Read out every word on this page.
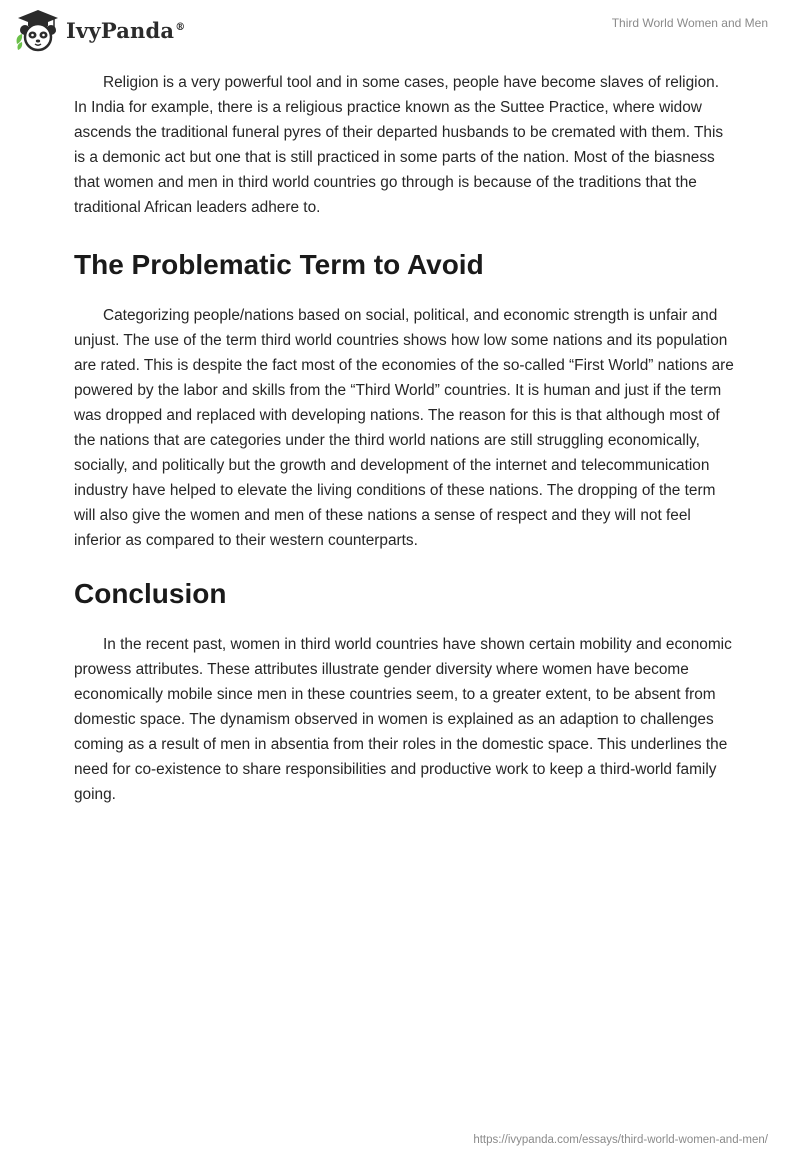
IvyPanda®	Third World Women and Men

Religion is a very powerful tool and in some cases, people have become slaves of religion. In India for example, there is a religious practice known as the Suttee Practice, where widow ascends the traditional funeral pyres of their departed husbands to be cremated with them. This is a demonic act but one that is still practiced in some parts of the nation. Most of the biasness that women and men in third world countries go through is because of the traditions that the traditional African leaders adhere to.

The Problematic Term to Avoid

Categorizing people/nations based on social, political, and economic strength is unfair and unjust. The use of the term third world countries shows how low some nations and its population are rated. This is despite the fact most of the economies of the so-called “First World” nations are powered by the labor and skills from the “Third World” countries. It is human and just if the term was dropped and replaced with developing nations. The reason for this is that although most of the nations that are categories under the third world nations are still struggling economically, socially, and politically but the growth and development of the internet and telecommunication industry have helped to elevate the living conditions of these nations. The dropping of the term will also give the women and men of these nations a sense of respect and they will not feel inferior as compared to their western counterparts.

Conclusion

In the recent past, women in third world countries have shown certain mobility and economic prowess attributes. These attributes illustrate gender diversity where women have become economically mobile since men in these countries seem, to a greater extent, to be absent from domestic space. The dynamism observed in women is explained as an adaption to challenges coming as a result of men in absentia from their roles in the domestic space. This underlines the need for co-existence to share responsibilities and productive work to keep a third-world family going.

https://ivypanda.com/essays/third-world-women-and-men/
